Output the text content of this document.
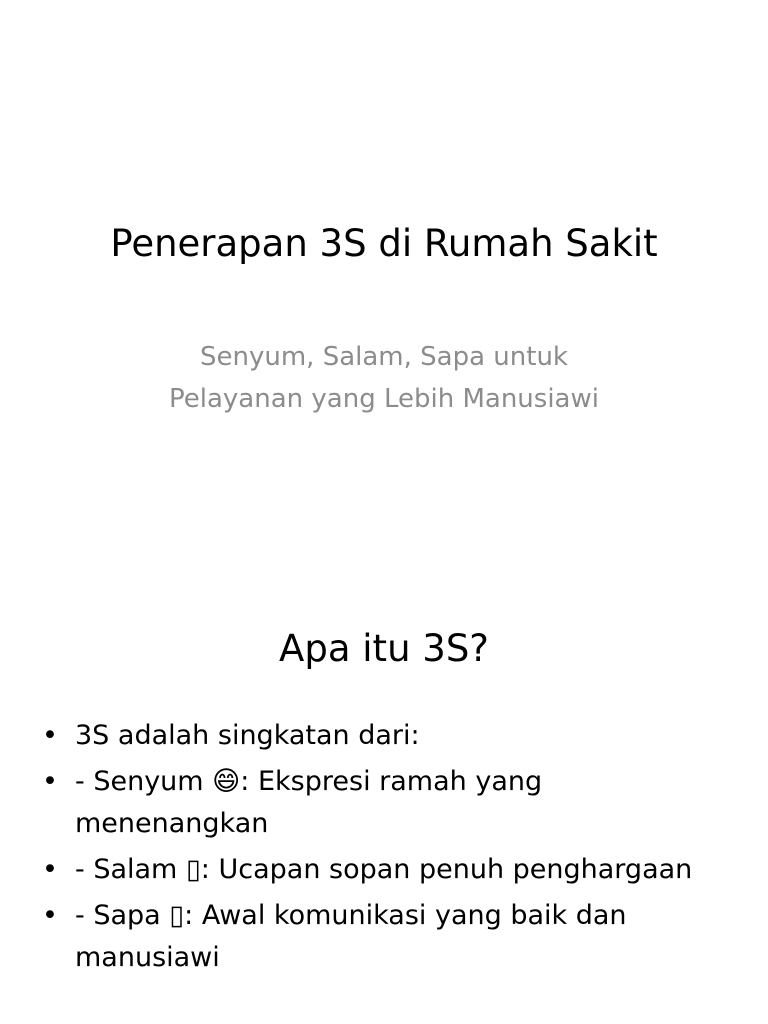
Penerapan 3S di Rumah Sakit
Senyum, Salam, Sapa untuk
Pelayanan yang Lebih Manusiawi
Apa itu 3S?
• 3S adalah singkatan dari:
• - Senyum 😄: Ekspresi ramah yang menenangkan
• - Salam ▯: Ucapan sopan penuh penghargaan
• - Sapa ▯: Awal komunikasi yang baik dan manusiawi
